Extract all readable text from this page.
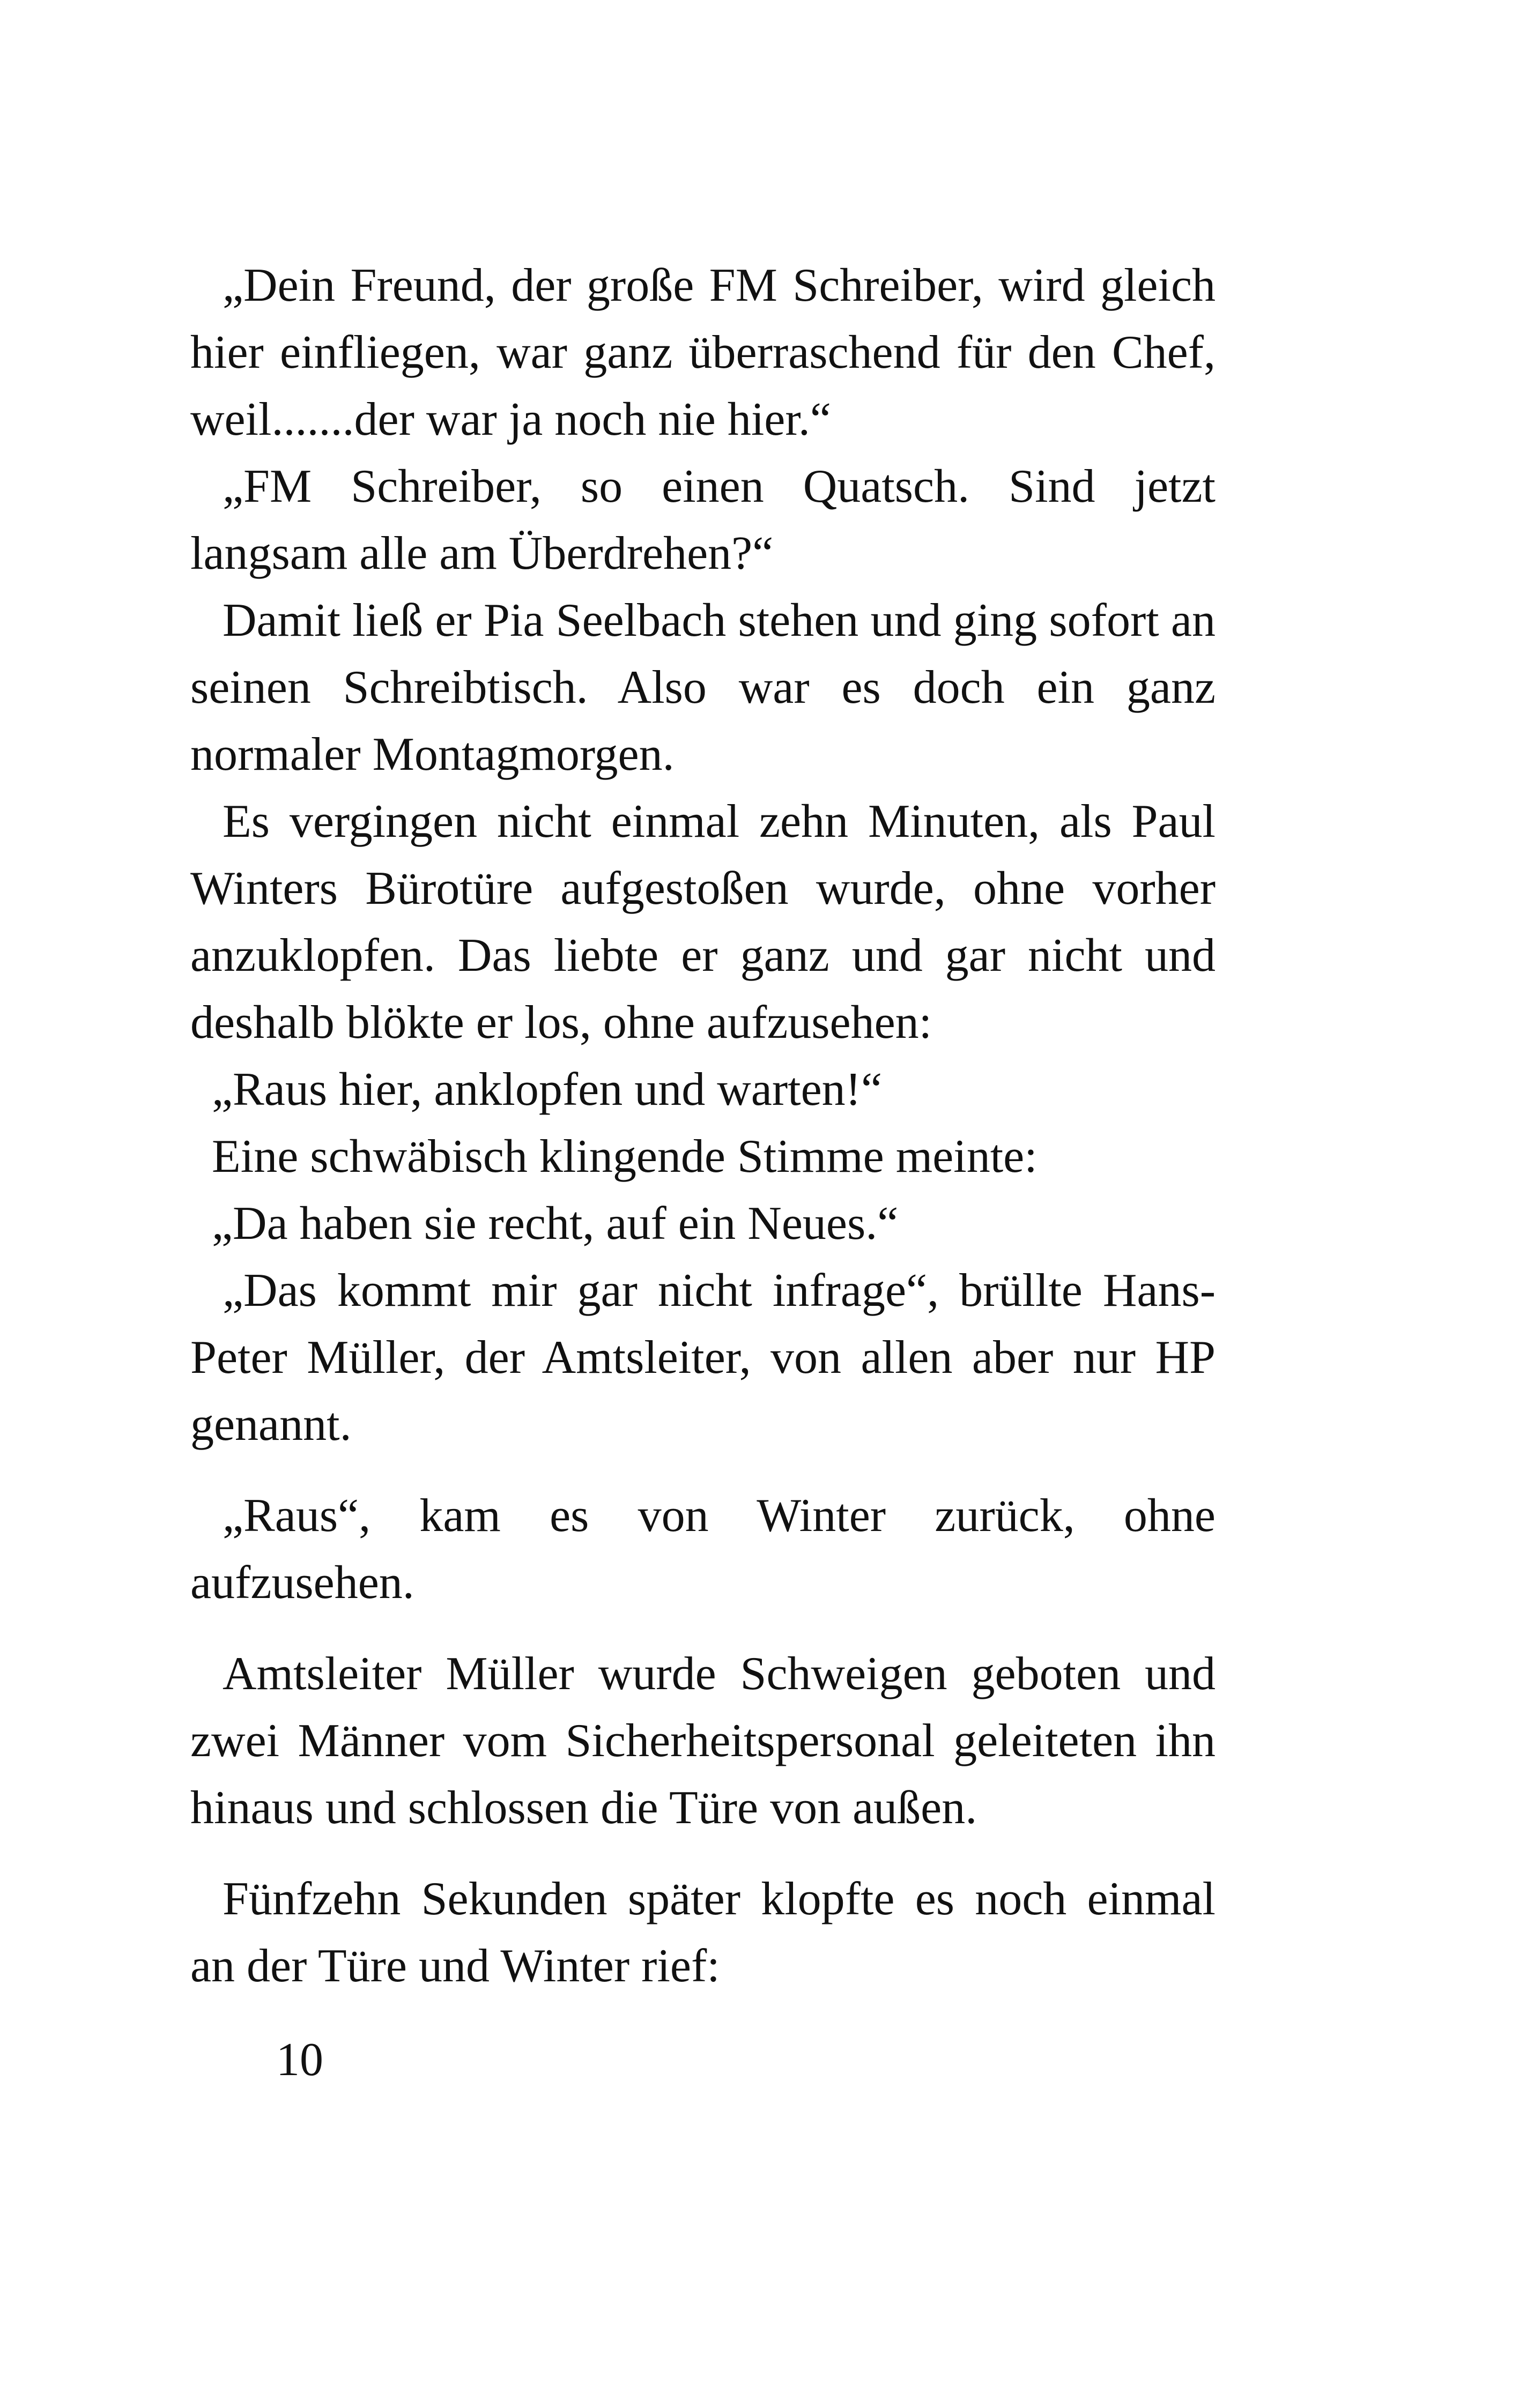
„Dein Freund, der große FM Schreiber, wird gleich hier einfliegen, war ganz überraschend für den Chef, weil.......der war ja noch nie hier.“

„FM Schreiber, so einen Quatsch. Sind jetzt langsam alle am Überdrehen?“

Damit ließ er Pia Seelbach stehen und ging sofort an seinen Schreibtisch. Also war es doch ein ganz normaler Montagmorgen.

Es vergingen nicht einmal zehn Minuten, als Paul Winters Bürotüre aufgestoßen wurde, ohne vorher anzuklopfen. Das liebte er ganz und gar nicht und deshalb blökte er los, ohne aufzusehen:

„Raus hier, anklopfen und warten!“

Eine schwäbisch klingende Stimme meinte:

„Da haben sie recht, auf ein Neues.“

„Das kommt mir gar nicht infrage“, brüllte Hans-Peter Müller, der Amtsleiter, von allen aber nur HP genannt.

„Raus“, kam es von Winter zurück, ohne aufzusehen.

Amtsleiter Müller wurde Schweigen geboten und zwei Männer vom Sicherheitspersonal geleiteten ihn hinaus und schlossen die Türe von außen.

Fünfzehn Sekunden später klopfte es noch einmal an der Türe und Winter rief:

10
